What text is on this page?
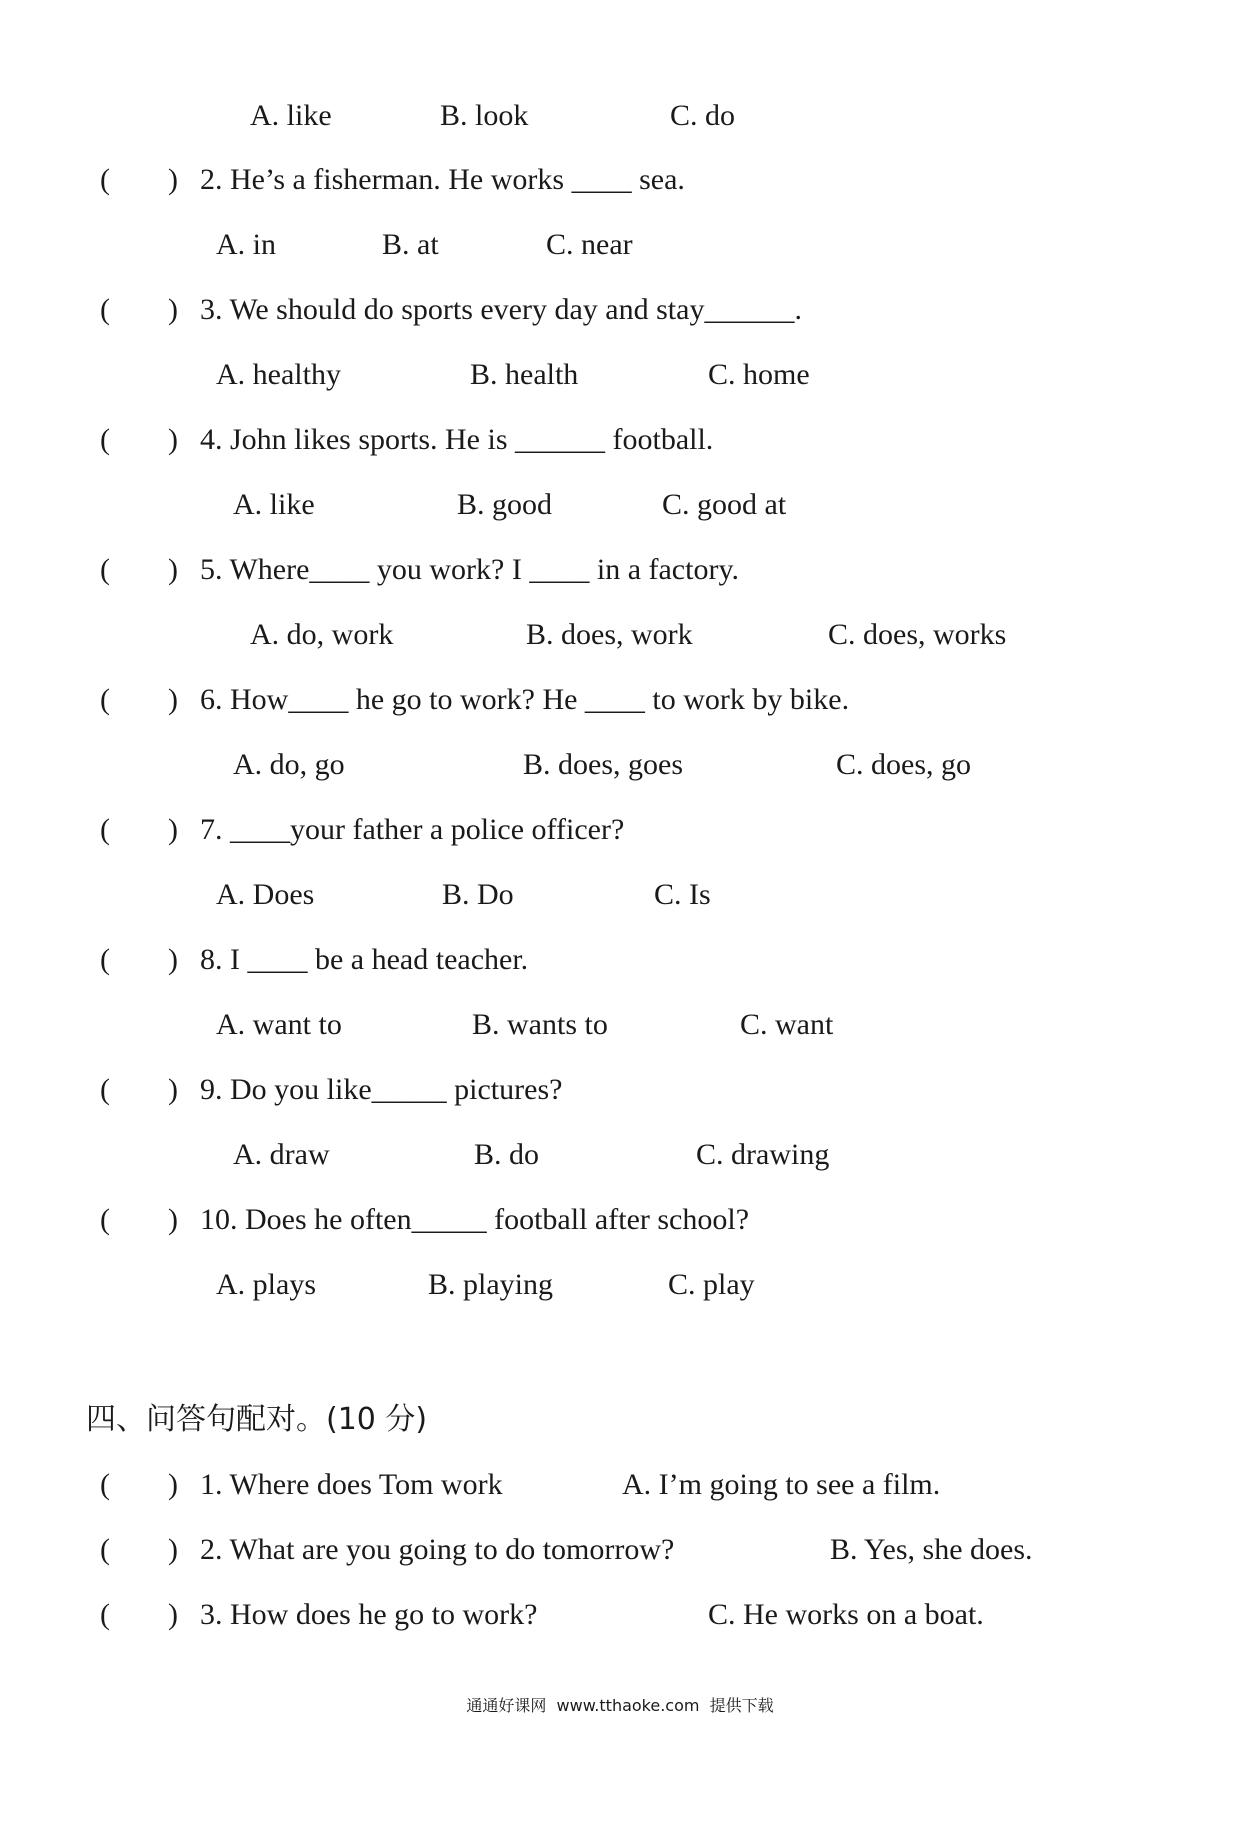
A. like

	B. look

	C. do

(

)

2. He’s a fisherman. He works ____ sea.

A. in

	B. at

	C. near

(

)

3. We should do sports every day and stay______.

A. healthy

	B. health

	C. home

(

)

4. John likes sports. He is ______ football.

A. like

	B. good

	C. good at

(

)

5. Where____ you work? I ____ in a factory.

A. do, work

	B. does, work

	C. does, works

(

)

6. How____ he go to work? He ____ to work by bike.

A. do, go

	B. does, goes

	C. does, go

(

)

7. ____your father a police officer?

A. Does

	B. Do

	C. Is

(

)

8. I ____ be a head teacher.

A. want to

	B. wants to

	C. want

(

)

9. Do you like_____ pictures?

A. draw

	B. do

	C. drawing

(

)

10. Does he often_____ football after school?

A. plays

	B. playing

	C. play

四、问答句配对。(10 分)

(

)

1. Where does Tom work

	A. I’m going to see a film.

(

)

2. What are you going to do tomorrow?

	B. Yes, she does.

(

)

3. How does he go to work?

	C. He works on a boat.

通通好课网  www.tthaoke.com  提供下载
